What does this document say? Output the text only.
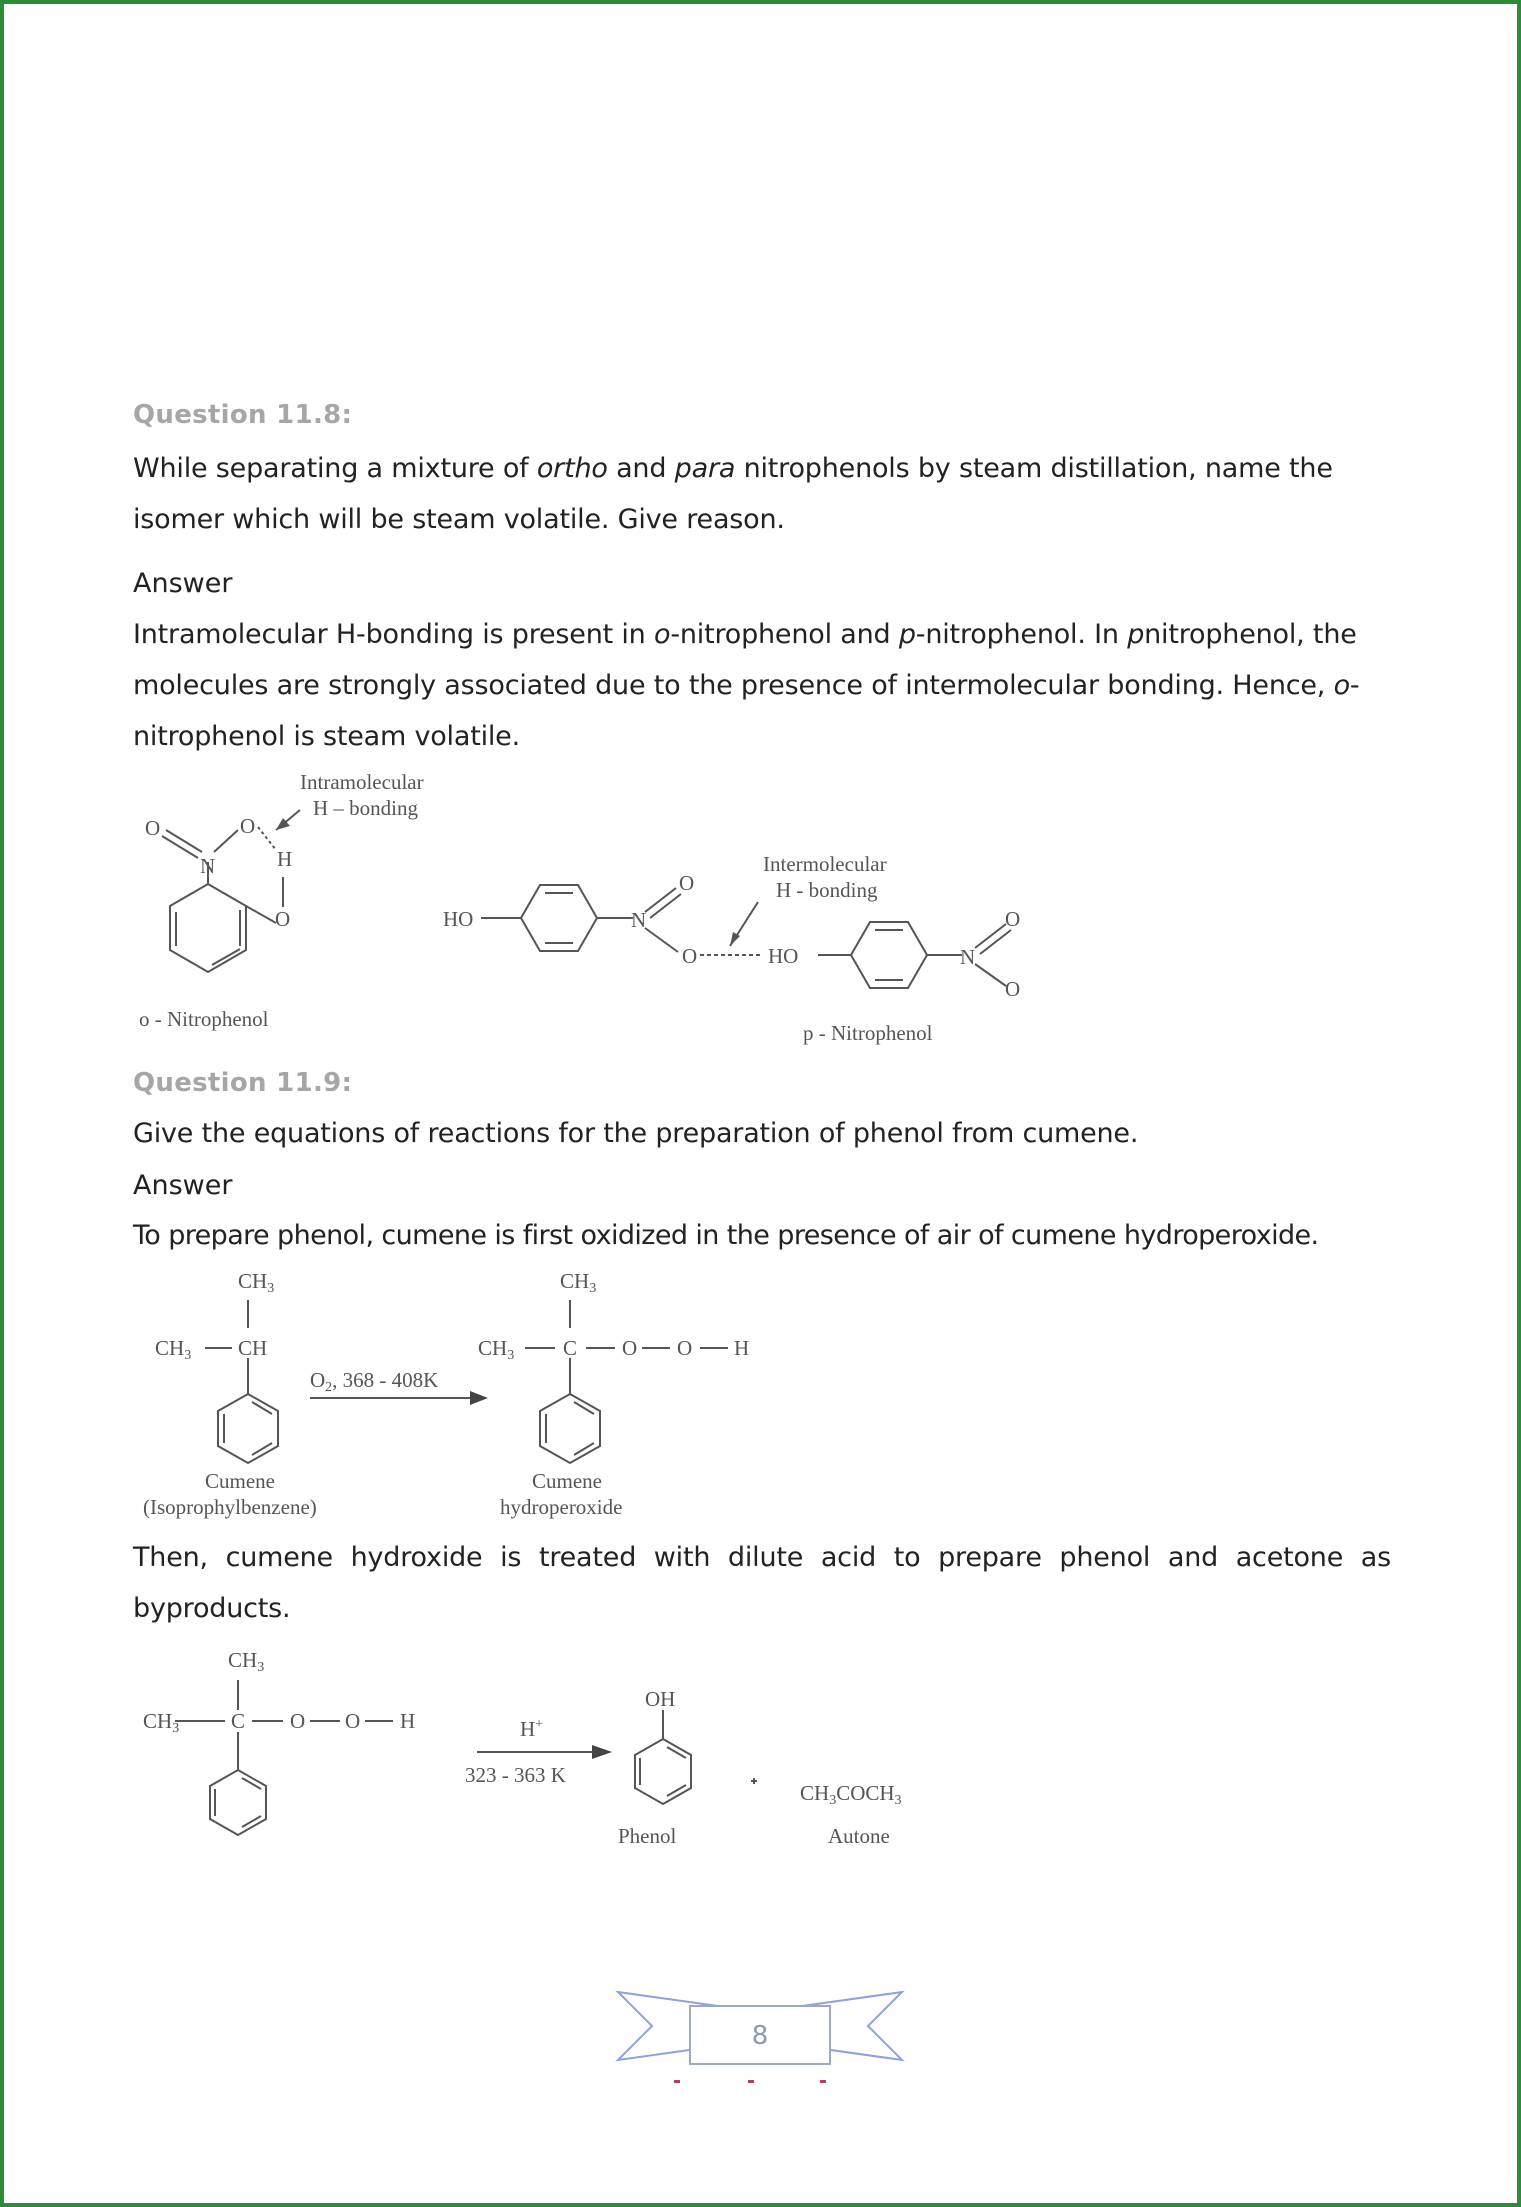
Question 11.8:
While separating a mixture of ortho and para nitrophenols by steam distillation, name the isomer which will be steam volatile. Give reason.
Answer
Intramolecular H-bonding is present in o-nitrophenol and p-nitrophenol. In pnitrophenol, the molecules are strongly associated due to the presence of intermolecular bonding. Hence, o-nitrophenol is steam volatile.
O
N
O
H
O
Intramolecular
H – bonding
o - Nitrophenol
HO	N
O
O
Intermolecular
H - bonding
HO	N
O
O
p - Nitrophenol
Question 11.9:
Give the equations of reactions for the preparation of phenol from cumene.
Answer
To prepare phenol, cumene is first oxidized in the presence of air of cumene hydroperoxide.
CH3
CH3 CH
O2, 368 - 408K
CH3
CH3 C O O H
Cumene
(Isoprophylbenzene)
Cumene
hydroperoxide
Then, cumene hydroxide is treated with dilute acid to prepare phenol and acetone as byproducts.
CH3
CH3 C O O H	H+
323 - 363 K
OH
Phenol
CH3COCH3
Autone
8
